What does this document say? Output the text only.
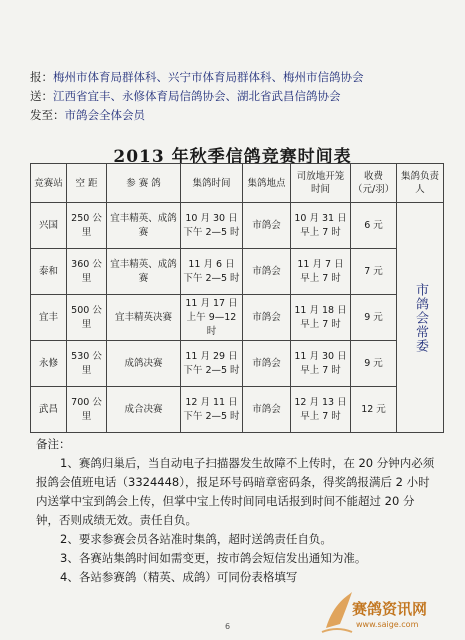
报：梅州市体育局群体科、兴宁市体育局群体科、梅州市信鸽协会
送：江西省宜丰、永修体育局信鸽协会、湖北省武昌信鸽协会
发至：市鸽会全体会员
2013 年秋季信鸽竞赛时间表
竞赛站	空 距	参 赛 鸽	集鸽时间	集鸽地点	司放地开笼时间	收费（元/羽）	集鸽负责人
兴国	250 公里	宜丰精英、成鸽赛	10 月 30 日 下午 2—5 时	市鸽会	10 月 31 日 早上 7 时	6 元	市鸽会常委
泰和	360 公里	宜丰精英、成鸽赛	11 月 6 日 下午 2—5 时	市鸽会	11 月 7 日 早上 7 时	7 元	
宜丰	500 公里	宜丰精英决赛	11 月 17 日 上午 9—12 时	市鸽会	11 月 18 日 早上 7 时	9 元	
永修	530 公里	成鸽决赛	11 月 29 日 下午 2—5 时	市鸽会	11 月 30 日 早上 7 时	9 元	
武昌	700 公里	成合决赛	12 月 11 日 下午 2—5 时	市鸽会	12 月 13 日 早上 7 时	12 元	
备注：
1、赛鸽归巢后，当自动电子扫描器发生故障不上传时，在 20 分钟内必须报鸽会值班电话（3324448），报足环号码暗章密码条，得奖鸽报满后 2 小时内送掌中宝到鸽会上传，但掌中宝上传时间同电话报到时间不能超过 20 分钟，否则成绩无效。责任自负。
2、要求参赛会员各站准时集鸽，超时送鸽责任自负。
3、各赛站集鸽时间如需变更，按市鸽会短信发出通知为准。
4、各站参赛鸽（精英、成鸽）可同份表格填写
6
赛鸽资讯网
www.saige.com
